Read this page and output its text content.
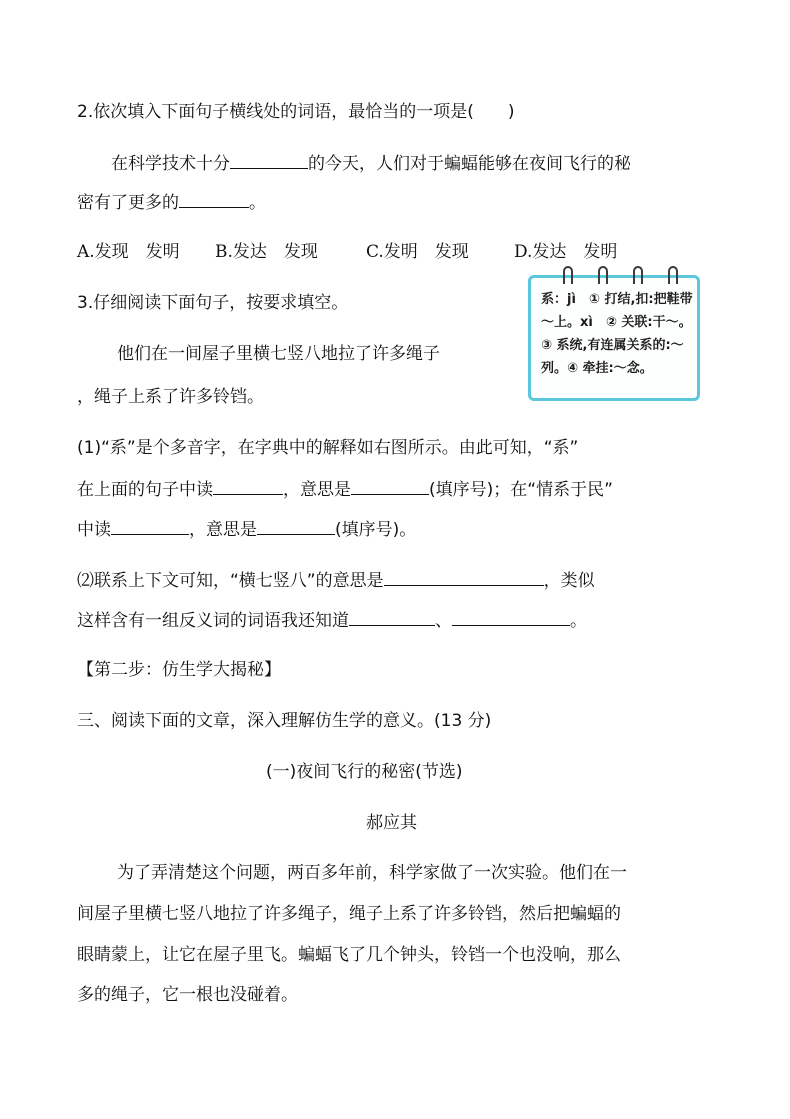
2.依次填入下面句子横线处的词语，最恰当的一项是(　　)
在科学技术十分	的今天，人们对于蝙蝠能够在夜间飞行的秘
密有了更多的	。
A.发现　发明 B.发达　发现	C.发明　发现	D.发达　发明
3.仔细阅读下面句子，按要求填空。
他们在一间屋子里横七竖八地拉了许多绳子
，绳子上系了许多铃铛。
系：jì　① 打结,扣:把鞋带～上。xì　② 关联:干～。③ 系统,有连属关系的:～列。④ 牵挂:～念。
(1)“系”是个多音字，在字典中的解释如右图所示。由此可知，“系”
在上面的句子中读	，意思是	(填序号)；在“情系于民”
中读	，意思是	(填序号)。
⑵联系上下文可知，“横七竖八”的意思是	，类似
这样含有一组反义词的词语我还知道	、	。
【第二步：仿生学大揭秘】
三、阅读下面的文章，深入理解仿生学的意义。(13 分)
(一)夜间飞行的秘密(节选)
郝应其
为了弄清楚这个问题，两百多年前，科学家做了一次实验。他们在一
间屋子里横七竖八地拉了许多绳子，绳子上系了许多铃铛，然后把蝙蝠的
眼睛蒙上，让它在屋子里飞。蝙蝠飞了几个钟头，铃铛一个也没响，那么
多的绳子，它一根也没碰着。
